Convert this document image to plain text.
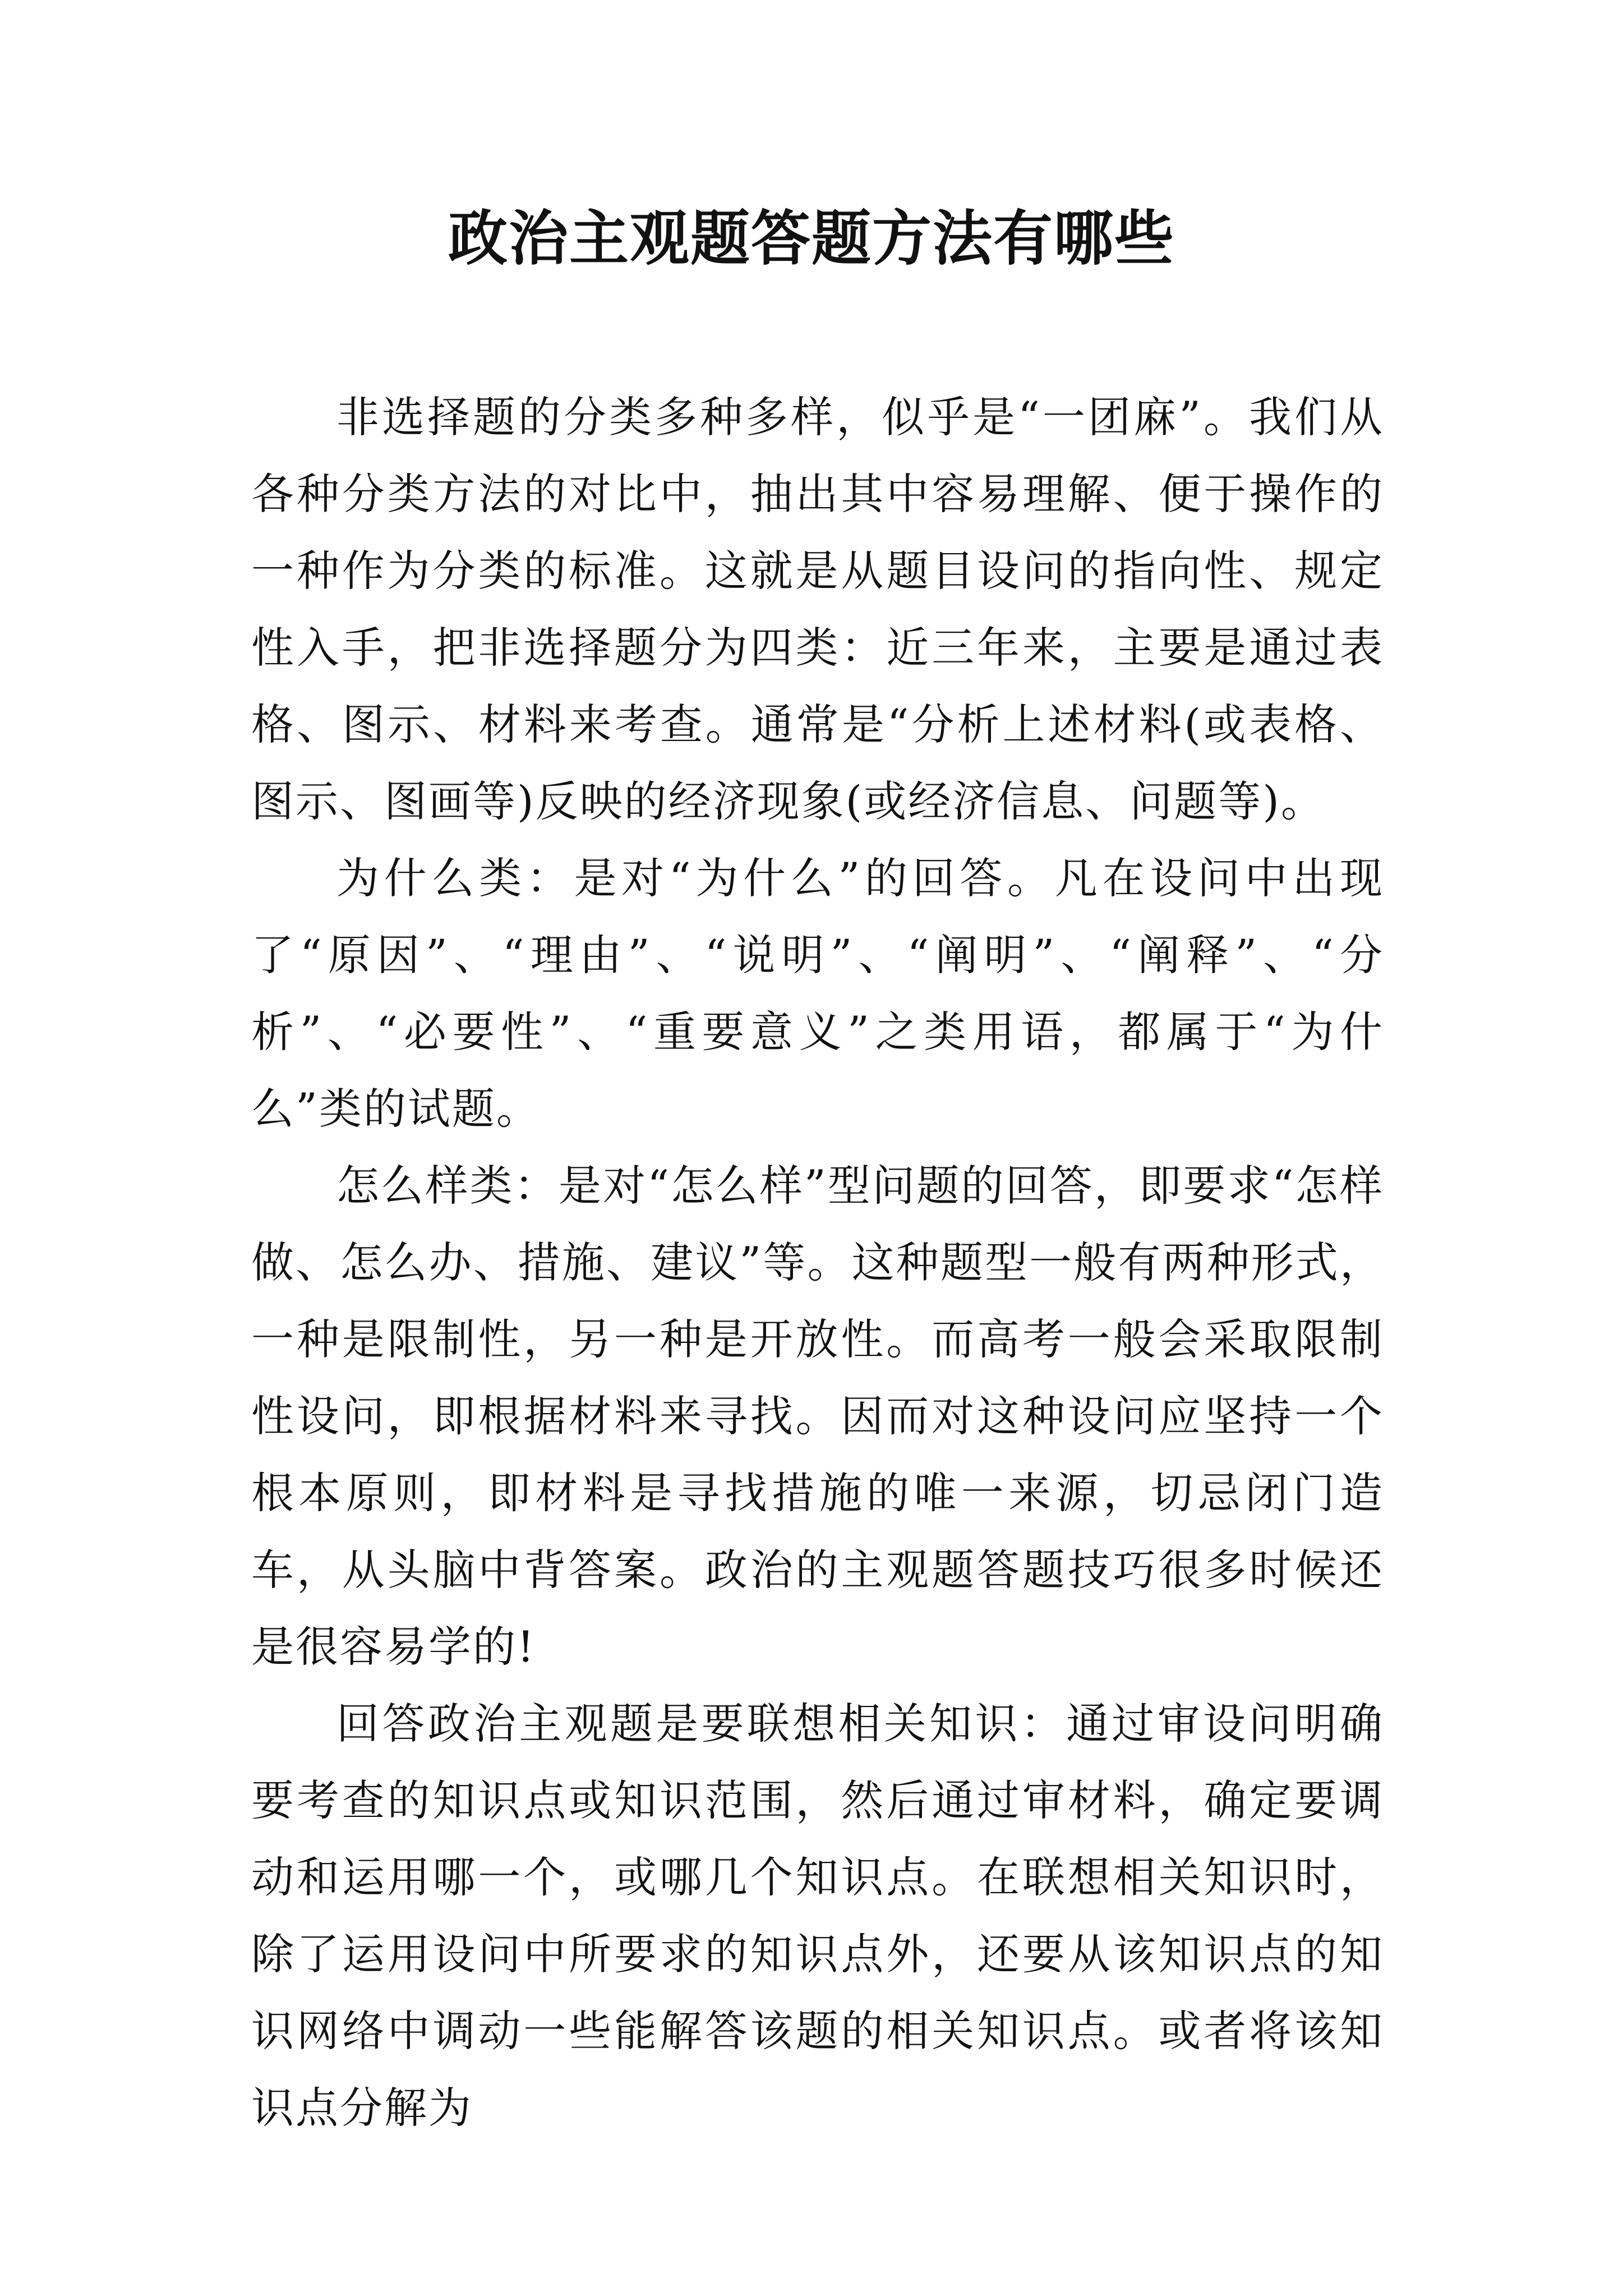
政治主观题答题方法有哪些

非选择题的分类多种多样，似乎是“一团麻”。我们从各种分类方法的对比中，抽出其中容易理解、便于操作的一种作为分类的标准。这就是从题目设问的指向性、规定性入手，把非选择题分为四类：近三年来，主要是通过表格、图示、材料来考查。通常是“分析上述材料(或表格、图示、图画等)反映的经济现象(或经济信息、问题等)。

为什么类：是对“为什么”的回答。凡在设问中出现了“原因”、“理由”、“说明”、“阐明”、“阐释”、“分析”、“必要性”、“重要意义”之类用语，都属于“为什么”类的试题。

怎么样类：是对“怎么样”型问题的回答，即要求“怎样做、怎么办、措施、建议”等。这种题型一般有两种形式，一种是限制性，另一种是开放性。而高考一般会采取限制性设问，即根据材料来寻找。因而对这种设问应坚持一个根本原则，即材料是寻找措施的唯一来源，切忌闭门造车，从头脑中背答案。政治的主观题答题技巧很多时候还是很容易学的!

回答政治主观题是要联想相关知识：通过审设问明确要考查的知识点或知识范围，然后通过审材料，确定要调动和运用哪一个，或哪几个知识点。在联想相关知识时，除了运用设问中所要求的知识点外，还要从该知识点的知识网络中调动一些能解答该题的相关知识点。或者将该知识点分解为
